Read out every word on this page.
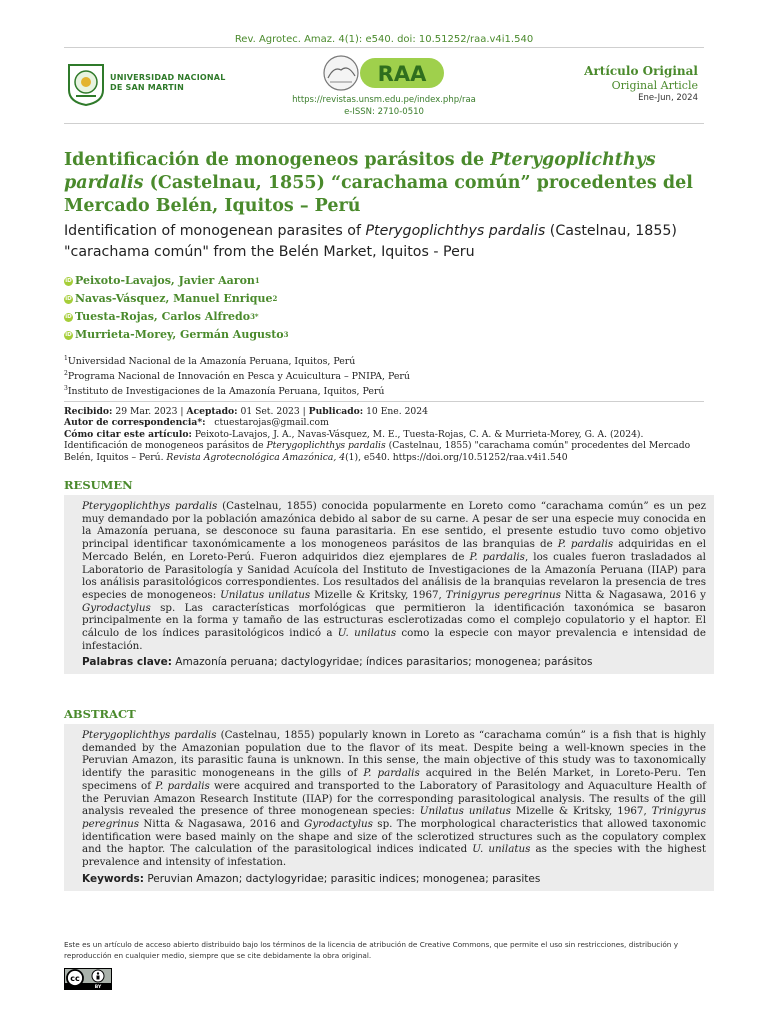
Rev. Agrotec. Amaz. 4(1): e540. doi: 10.51252/raa.v4i1.540
UNIVERSIDAD NACIONAL
DE SAN MARTIN
RAA
https://revistas.unsm.edu.pe/index.php/raa
e-ISSN: 2710-0510
Artículo Original
Original Article
Ene-Jun, 2024
Identificación de monogeneos parásitos de Pterygoplichthys pardalis (Castelnau, 1855) “carachama común” procedentes del Mercado Belén, Iquitos – Perú
Identification of monogenean parasites of Pterygoplichthys pardalis (Castelnau, 1855) "carachama común" from the Belén Market, Iquitos - Peru
iD Peixoto-Lavajos, Javier Aaron 1
iD Navas-Vásquez, Manuel Enrique 2
iD Tuesta-Rojas, Carlos Alfredo 3*
iD Murrieta-Morey, Germán Augusto 3
$^1$Universidad Nacional de la Amazonía Peruana, Iquitos, Perú
$^2$Programa Nacional de Innovación en Pesca y Acuicultura – PNIPA, Perú
$^3$Instituto de Investigaciones de la Amazonía Peruana, Iquitos, Perú
Recibido: 29 Mar. 2023 | Aceptado: 01 Set. 2023 | Publicado: 10 Ene. 2024
Autor de correspondencia*: ctuestarojas@gmail.com
Cómo citar este artículo: Peixoto-Lavajos, J. A., Navas-Vásquez, M. E., Tuesta-Rojas, C. A. & Murrieta-Morey, G. A. (2024). Identificación de monogeneos parásitos de Pterygoplichthys pardalis (Castelnau, 1855) "carachama común" procedentes del Mercado Belén, Iquitos – Perú. Revista Agrotecnológica Amazónica, 4(1), e540. https://doi.org/10.51252/raa.v4i1.540
RESUMEN

Pterygoplichthys pardalis (Castelnau, 1855) conocida popularmente en Loreto como “carachama común” es un pez muy demandado por la población amazónica debido al sabor de su carne. A pesar de ser una especie muy conocida en la Amazonía peruana, se desconoce su fauna parasitaria. En ese sentido, el presente estudio tuvo como objetivo principal identificar taxonómicamente a los monogeneos parásitos de las branquias de P. pardalis adquiridas en el Mercado Belén, en Loreto-Perú. Fueron adquiridos diez ejemplares de P. pardalis, los cuales fueron trasladados al Laboratorio de Parasitología y Sanidad Acuícola del Instituto de Investigaciones de la Amazonía Peruana (IIAP) para los análisis parasitológicos correspondientes. Los resultados del análisis de la branquias revelaron la presencia de tres especies de monogeneos: Unilatus unilatus Mizelle & Kritsky, 1967, Trinigyrus peregrinus Nitta & Nagasawa, 2016 y Gyrodactylus sp. Las características morfológicas que permitieron la identificación taxonómica se basaron principalmente en la forma y tamaño de las estructuras esclerotizadas como el complejo copulatorio y el haptor. El cálculo de los índices parasitológicos indicó a U. unilatus como la especie con mayor prevalencia e intensidad de infestación.

Palabras clave: Amazonía peruana; dactylogyridae; índices parasitarios; monogenea; parásitos
ABSTRACT

Pterygoplichthys pardalis (Castelnau, 1855) popularly known in Loreto as “carachama común” is a fish that is highly demanded by the Amazonian population due to the flavor of its meat. Despite being a well-known species in the Peruvian Amazon, its parasitic fauna is unknown. In this sense, the main objective of this study was to taxonomically identify the parasitic monogeneans in the gills of P. pardalis acquired in the Belén Market, in Loreto-Peru. Ten specimens of P. pardalis were acquired and transported to the Laboratory of Parasitology and Aquaculture Health of the Peruvian Amazon Research Institute (IIAP) for the corresponding parasitological analysis. The results of the gill analysis revealed the presence of three monogenean species: Unilatus unilatus Mizelle & Kritsky, 1967, Trinigyrus peregrinus Nitta & Nagasawa, 2016 and Gyrodactylus sp. The morphological characteristics that allowed taxonomic identification were based mainly on the shape and size of the sclerotized structures such as the copulatory complex and the haptor. The calculation of the parasitological indices indicated U. unilatus as the species with the highest prevalence and intensity of infestation.

Keywords: Peruvian Amazon; dactylogyridae; parasitic indices; monogenea; parasites
Este es un artículo de acceso abierto distribuido bajo los términos de la licencia de atribución de Creative Commons, que permite el uso sin restricciones, distribución y reproducción en cualquier medio, siempre que se cite debidamente la obra original.
cc
BY
